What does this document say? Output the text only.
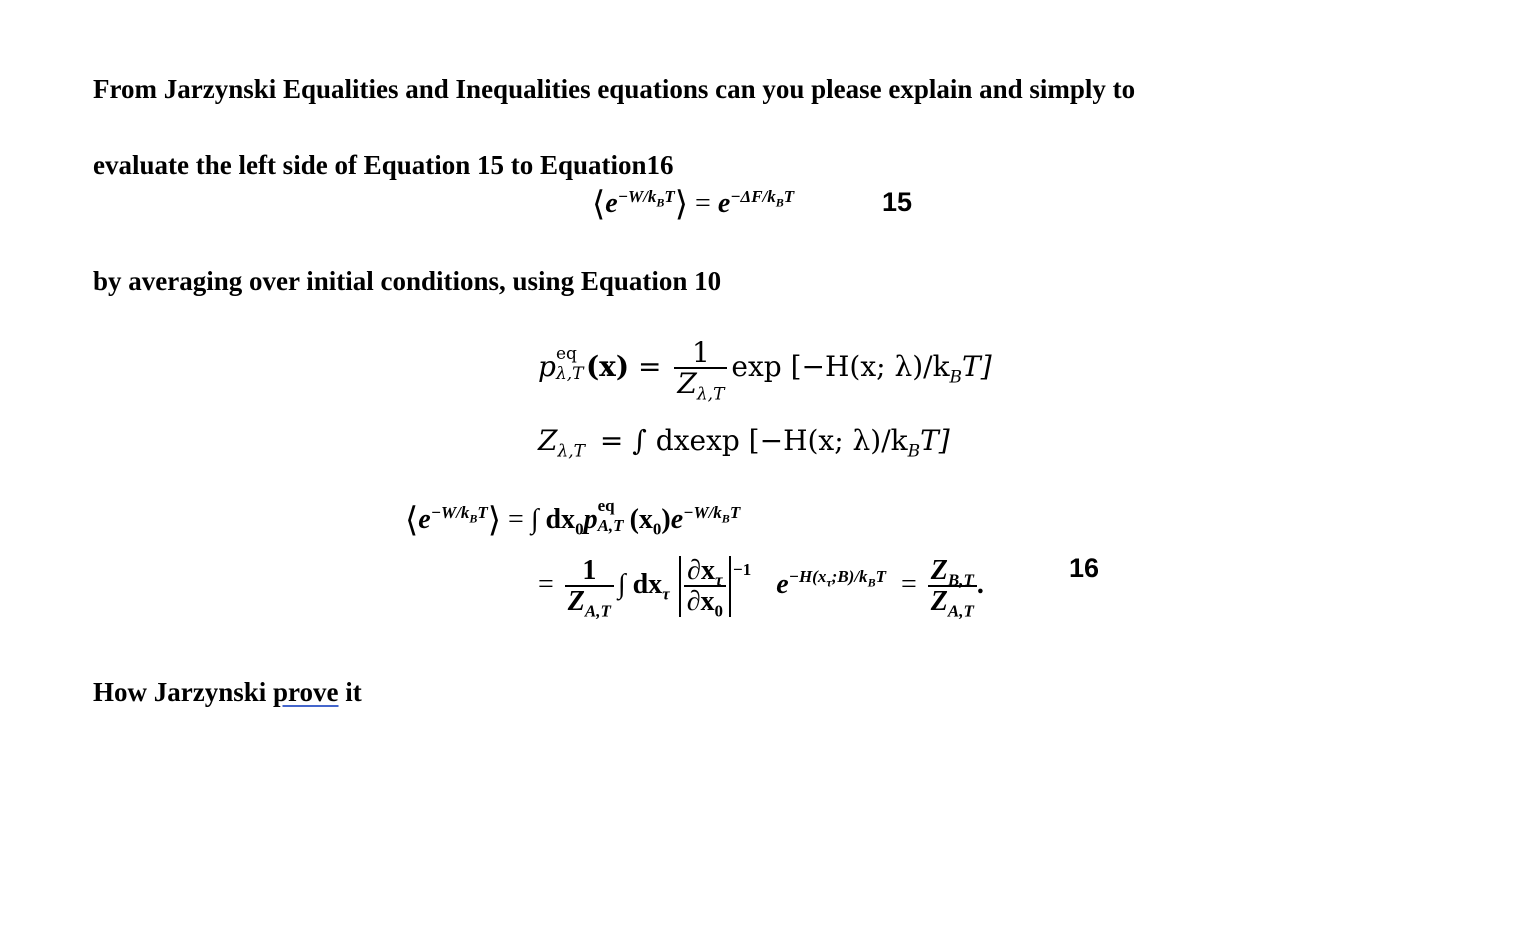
From Jarzynski Equalities and Inequalities equations can you please explain and simply to
evaluate the left side of Equation 15 to Equation16
$⟨e^{-W/k_BT}⟩ = e^{-\Delta F/k_BT}$	15
by averaging over initial conditions, using Equation 10
p eq
λ,T $(x) = \frac{1}{Z_{\lambda,T}}$ exp [−H(x; $\lambda)/k_BT$]
$Z_{\lambda,T}$ = ∫ dxexp [−H(x; $\lambda)/k_BT$]
$⟨e^{-W/k_BT}⟩$ = ∫ $dx_0p$ eq
A,T $(x_0)e^{-W/k_BT}$
= $\frac{1}{Z_{A,T}}$ ∫ $dx_\tau \frac{\partial x_\tau}{\partial x_0} ^{-1}$ $e^{-H(x_\tau;B)/k_BT} = \frac{Z_{B,T}}{Z_{A,T}}$ .
16
How Jarzynski prove it
